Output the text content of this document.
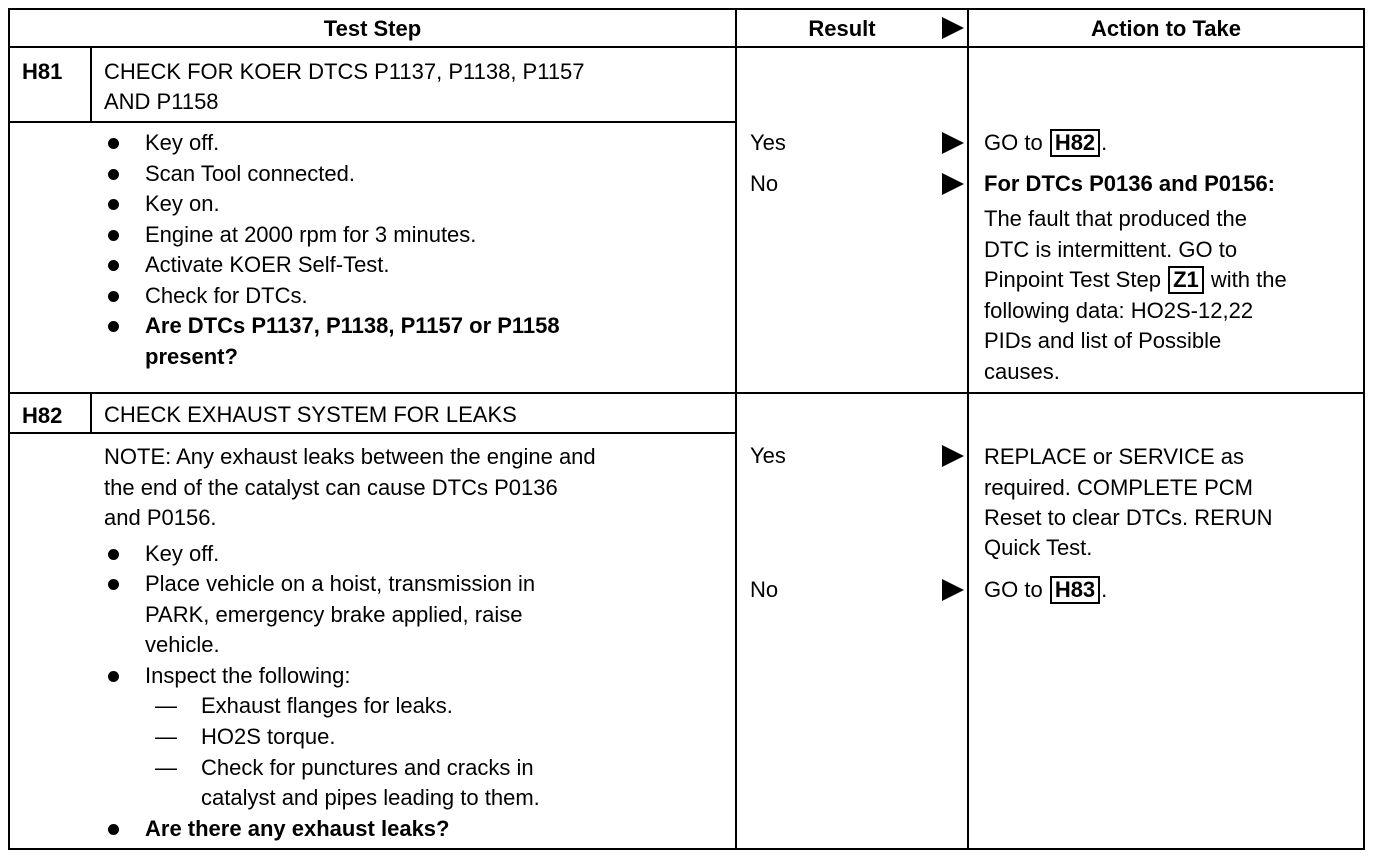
Test Step	Result	Action to Take
H81 CHECK FOR KOER DTCS P1137, P1138, P1157
AND P1158
Key off.
Scan Tool connected.
Key on.
Engine at 2000 rpm for 3 minutes.
Activate KOER Self-Test.
Check for DTCs.
Are DTCs P1137, P1138, P1157 or P1158
present?
Yes
No
GO to H82 .
For DTCs P0136 and P0156:
The fault that produced the
DTC is intermittent. GO to
Pinpoint Test Step Z1 with the
following data: HO2S-12,22
PIDs and list of Possible
causes.
H82 CHECK EXHAUST SYSTEM FOR LEAKS
NOTE: Any exhaust leaks between the engine and
the end of the catalyst can cause DTCs P0136
and P0156.
Key off.
Place vehicle on a hoist, transmission in
PARK, emergency brake applied, raise
vehicle.
Inspect the following:
— Exhaust flanges for leaks.
— HO2S torque.
— Check for punctures and cracks in
catalyst and pipes leading to them.
Are there any exhaust leaks?
Yes
No
REPLACE or SERVICE as
required. COMPLETE PCM
Reset to clear DTCs. RERUN
Quick Test.
GO to H83 .
